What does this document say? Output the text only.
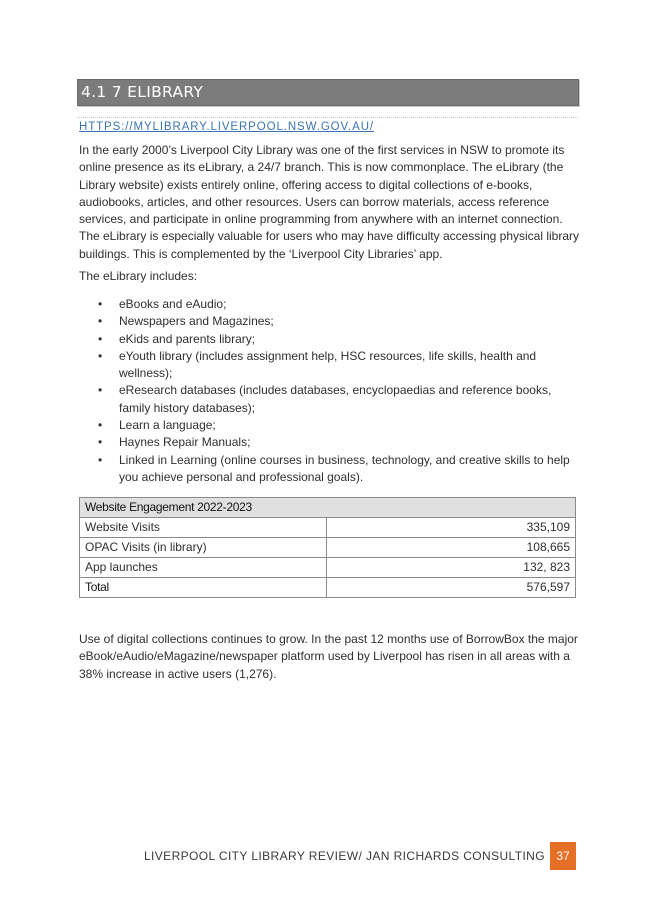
4.1 7 ELIBRARY
HTTPS://MYLIBRARY.LIVERPOOL.NSW.GOV.AU/

In the early 2000’s Liverpool City Library was one of the first services in NSW to promote its online presence as its eLibrary, a 24/7 branch. This is now commonplace. The eLibrary (the Library website) exists entirely online, offering access to digital collections of e-books, audiobooks, articles, and other resources. Users can borrow materials, access reference services, and participate in online programming from anywhere with an internet connection. The eLibrary is especially valuable for users who may have difficulty accessing physical library buildings. This is complemented by the ‘Liverpool City Libraries’ app.

The eLibrary includes:

• eBooks and eAudio;
• Newspapers and Magazines;
• eKids and parents library;
• eYouth library (includes assignment help, HSC resources, life skills, health and wellness);
• eResearch databases (includes databases, encyclopaedias and reference books, family history databases);
• Learn a language;
• Haynes Repair Manuals;
• Linked in Learning (online courses in business, technology, and creative skills to help you achieve personal and professional goals).
Website Engagement 2022-2023	
Website Visits	335,109
OPAC Visits (in library)	108,665
App launches	132, 823
Total	576,597

Use of digital collections continues to grow. In the past 12 months use of BorrowBox the major eBook/eAudio/eMagazine/newspaper platform used by Liverpool has risen in all areas with a 38% increase in active users (1,276).

LIVERPOOL CITY LIBRARY REVIEW/ JAN RICHARDS CONSULTING 37
